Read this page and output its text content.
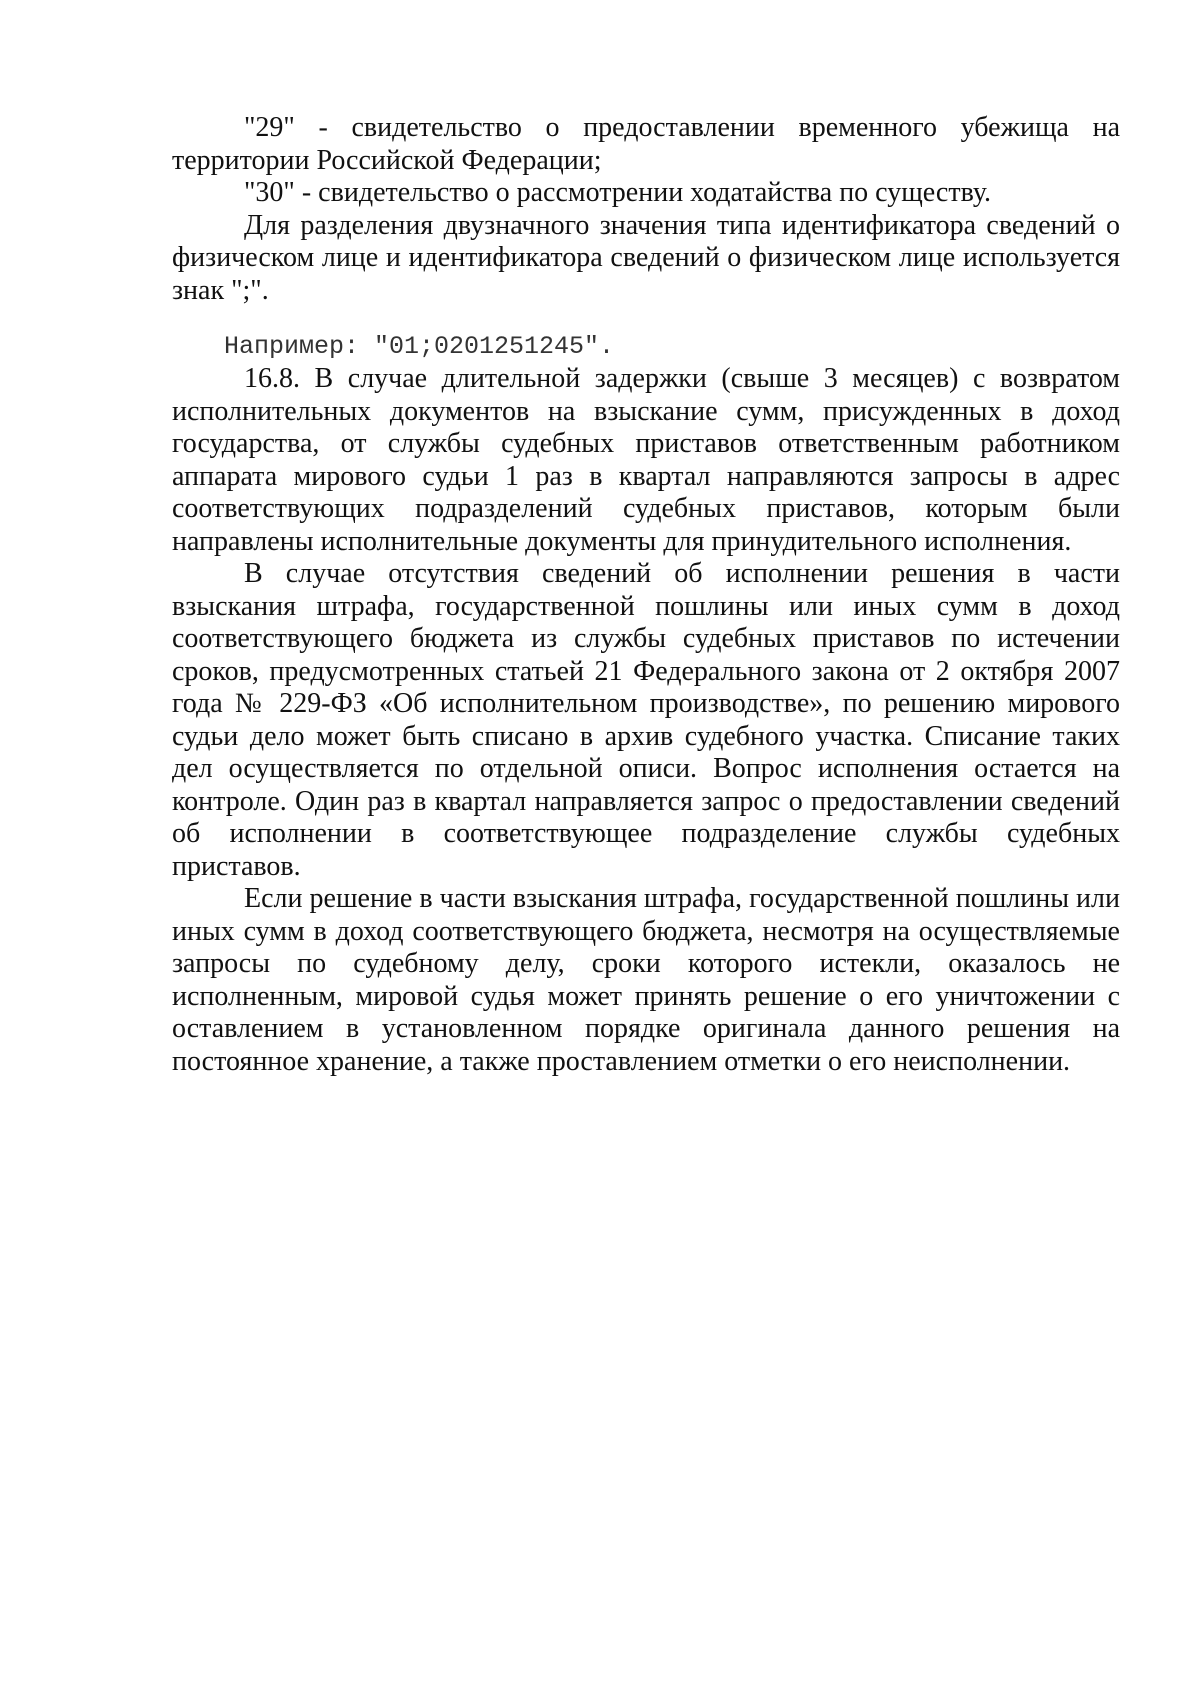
"29" - свидетельство о предоставлении временного убежища на территории Российской Федерации;

"30" - свидетельство о рассмотрении ходатайства по существу.

Для разделения двузначного значения типа идентификатора сведений о физическом лице и идентификатора сведений о физическом лице используется знак ";".

Например: "01;0201251245".

16.8. В случае длительной задержки (свыше 3 месяцев) с возвратом исполнительных документов на взыскание сумм, присужденных в доход государства, от службы судебных приставов ответственным работником аппарата мирового судьи 1 раз в квартал направляются запросы в адрес соответствующих подразделений судебных приставов, которым были направлены исполнительные документы для принудительного исполнения.

В случае отсутствия сведений об исполнении решения в части взыскания штрафа, государственной пошлины или иных сумм в доход соответствующего бюджета из службы судебных приставов по истечении сроков, предусмотренных статьей 21 Федерального закона от 2 октября 2007 года № 229-ФЗ «Об исполнительном производстве», по решению мирового судьи дело может быть списано в архив судебного участка. Списание таких дел осуществляется по отдельной описи. Вопрос исполнения остается на контроле. Один раз в квартал направляется запрос о предоставлении сведений об исполнении в соответствующее подразделение службы судебных приставов.

Если решение в части взыскания штрафа, государственной пошлины или иных сумм в доход соответствующего бюджета, несмотря на осуществляемые запросы по судебному делу, сроки которого истекли, оказалось не исполненным, мировой судья может принять решение о его уничтожении с оставлением в установленном порядке оригинала данного решения на постоянное хранение, а также проставлением отметки о его неисполнении.
